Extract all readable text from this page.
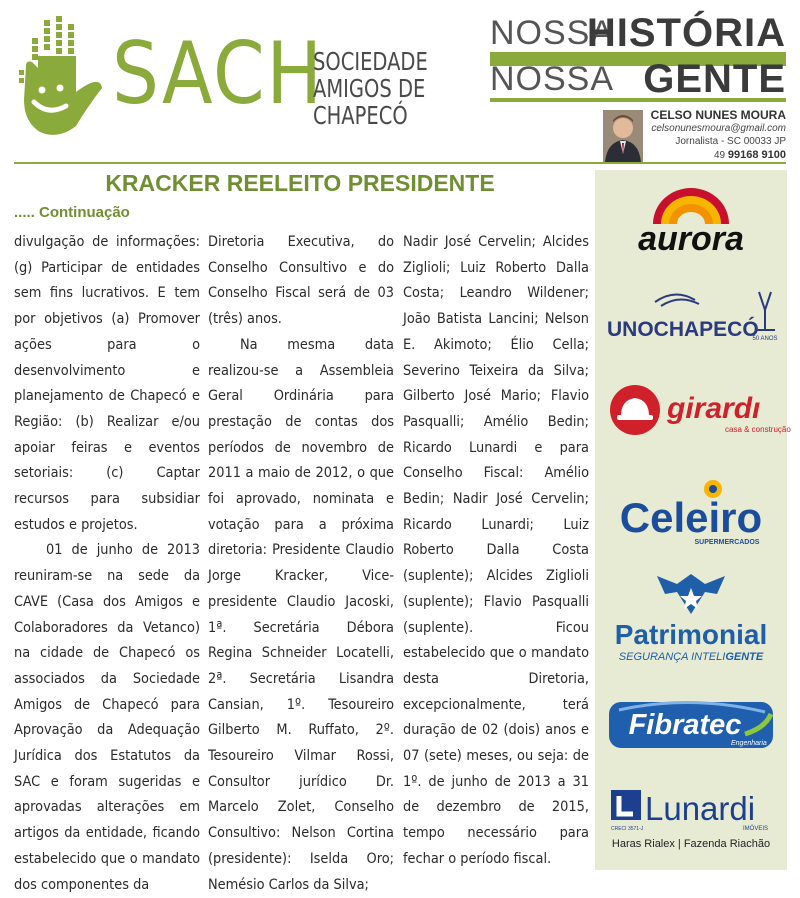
SACH
SOCIEDADE
AMIGOS DE
CHAPECÓ
NOSSA
HISTÓRIA
NOSSA GENTE
CELSO NUNES MOURA
celsonunesmoura@gmail.com
Jornalista - SC 00033 JP
49 99168 9100
KRACKER REELEITO PRESIDENTE
..... Continuação

divulgação de informações: (g) Participar de entidades sem fins lucrativos. E tem por objetivos (a) Promover ações para o desenvolvimento e planejamento de Chapecó e Região: (b) Realizar e/ou apoiar feiras e eventos setoriais: (c) Captar recursos para subsidiar estudos e projetos.

01 de junho de 2013 reuniram-se na sede da CAVE (Casa dos Amigos e Colaboradores da Vetanco) na cidade de Chapecó os associados da Sociedade Amigos de Chapecó para Aprovação da Adequação Jurídica dos Estatutos da SAC e foram sugeridas e aprovadas alterações em artigos da entidade, ficando estabelecido que o mandato dos componentes da

Diretoria Executiva, do Conselho Consultivo e do Conselho Fiscal será de 03 (três) anos.

Na mesma data realizou-se a Assembleia Geral Ordinária para prestação de contas dos períodos de novembro de 2011 a maio de 2012, o que foi aprovado, nominata e votação para a próxima diretoria: Presidente Claudio Jorge Kracker, Vice-presidente Claudio Jacoski, 1ª. Secretária Débora Regina Schneider Locatelli, 2ª. Secretária Lisandra Cansian, 1º. Tesoureiro Gilberto M. Ruffato, 2º. Tesoureiro Vilmar Rossi, Consultor jurídico Dr. Marcelo Zolet, Conselho Consultivo: Nelson Cortina (presidente): Iselda Oro; Nemésio Carlos da Silva;

Nadir José Cervelin; Alcides Ziglioli; Luiz Roberto Dalla Costa; Leandro Wildener; João Batista Lancini; Nelson E. Akimoto; Élio Cella; Severino Teixeira da Silva; Gilberto José Mario; Flavio Pasqualli; Amélio Bedin; Ricardo Lunardi e para Conselho Fiscal: Amélio Bedin; Nadir José Cervelin; Ricardo Lunardi; Luiz Roberto Dalla Costa (suplente); Alcides Ziglioli (suplente); Flavio Pasqualli (suplente). Ficou estabelecido que o mandato desta Diretoria, excepcionalmente, terá duração de 02 (dois) anos e 07 (sete) meses, ou seja: de 1º. de junho de 2013 a 31 de dezembro de 2015, tempo necessário para fechar o período fiscal.

aurora
UNOCHAPECÓ
50 ANOS
girardı
casa & construção
Celeiro
SUPERMERCADOS
Patrimonial
SEGURANÇA INTELIGENTE
Fibratec
Engenharia
Lunardi
CRECI 3571-J	IMÓVEIS
Haras Rialex | Fazenda Riachão
